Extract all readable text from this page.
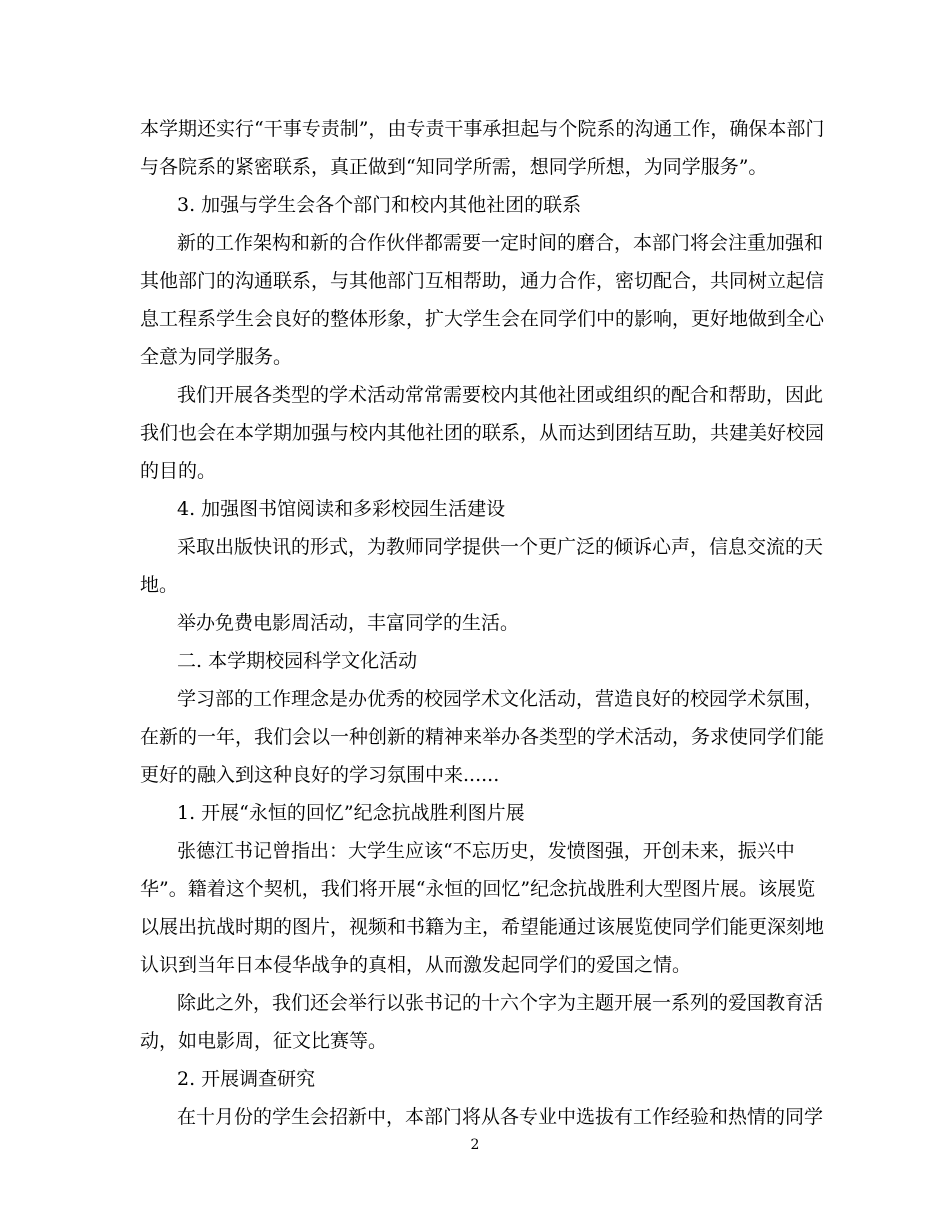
本学期还实行“干事专责制”，由专责干事承担起与个院系的沟通工作，确保本部门
与各院系的紧密联系，真正做到“知同学所需，想同学所想，为同学服务”。
3. 加强与学生会各个部门和校内其他社团的联系
新的工作架构和新的合作伙伴都需要一定时间的磨合，本部门将会注重加强和
其他部门的沟通联系，与其他部门互相帮助，通力合作，密切配合，共同树立起信
息工程系学生会良好的整体形象，扩大学生会在同学们中的影响，更好地做到全心
全意为同学服务。
我们开展各类型的学术活动常常需要校内其他社团或组织的配合和帮助，因此
我们也会在本学期加强与校内其他社团的联系，从而达到团结互助，共建美好校园
的目的。
4. 加强图书馆阅读和多彩校园生活建设
采取出版快讯的形式，为教师同学提供一个更广泛的倾诉心声，信息交流的天
地。
举办免费电影周活动，丰富同学的生活。
二. 本学期校园科学文化活动
学习部的工作理念是办优秀的校园学术文化活动，营造良好的校园学术氛围，
在新的一年，我们会以一种创新的精神来举办各类型的学术活动，务求使同学们能
更好的融入到这种良好的学习氛围中来......
1. 开展“永恒的回忆”纪念抗战胜利图片展
张德江书记曾指出：大学生应该“不忘历史，发愤图强，开创未来，振兴中
华”。籍着这个契机，我们将开展“永恒的回忆”纪念抗战胜利大型图片展。该展览
以展出抗战时期的图片，视频和书籍为主，希望能通过该展览使同学们能更深刻地
认识到当年日本侵华战争的真相，从而激发起同学们的爱国之情。
除此之外，我们还会举行以张书记的十六个字为主题开展一系列的爱国教育活
动，如电影周，征文比赛等。
2. 开展调查研究
在十月份的学生会招新中，本部门将从各专业中选拔有工作经验和热情的同学
2
